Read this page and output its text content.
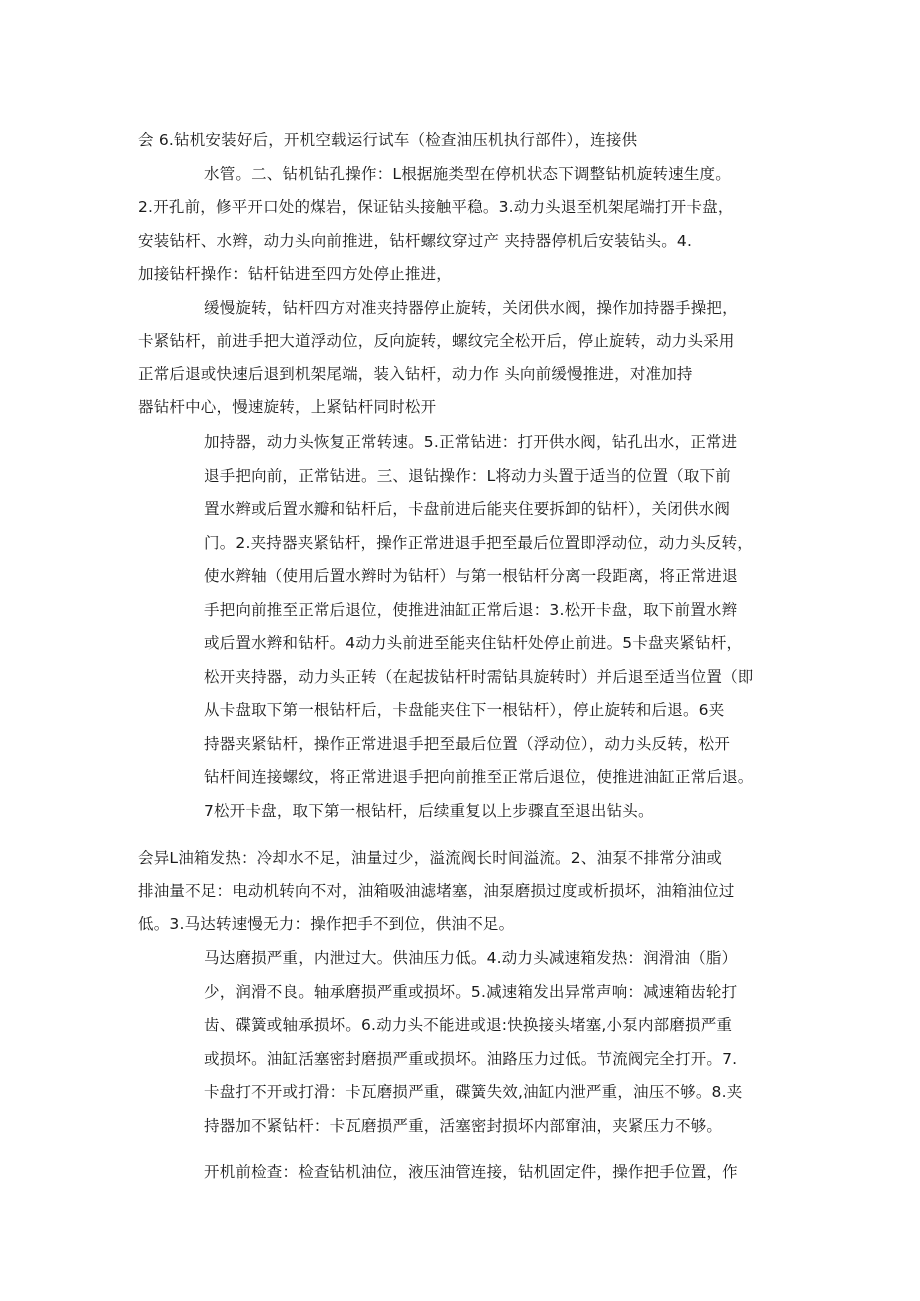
会 6.钻机安装好后，开机空载运行试车（检查油压机执行部件），连接供
水管。二、钻机钻孔操作：L根据施类型在停机状态下调整钻机旋转速生度。
2.开孔前，修平开口处的煤岩，保证钻头接触平稳。3.动力头退至机架尾端打开卡盘，
安装钻杆、水辫，动力头向前推进，钻杆螺纹穿过产 夹持器停机后安装钻头。4.
加接钻杆操作：钻杆钻进至四方处停止推进，
缓慢旋转，钻杆四方对准夹持器停止旋转，关闭供水阀，操作加持器手操把，
卡紧钻杆，前进手把大道浮动位，反向旋转，螺纹完全松开后，停止旋转，动力头采用
正常后退或快速后退到机架尾端，装入钻杆，动力作 头向前缓慢推进，对准加持
器钻杆中心，慢速旋转，上紧钻杆同时松开
加持器，动力头恢复正常转速。5.正常钻进：打开供水阀，钻孔出水，正常进
退手把向前，正常钻进。三、退钻操作：L将动力头置于适当的位置（取下前
置水辫或后置水瓣和钻杆后，卡盘前进后能夹住要拆卸的钻杆），关闭供水阀
门。2.夹持器夹紧钻杆，操作正常进退手把至最后位置即浮动位，动力头反转，
使水辫轴（使用后置水辫时为钻杆）与第一根钻杆分离一段距离，将正常进退
手把向前推至正常后退位，使推进油缸正常后退：3.松开卡盘，取下前置水辫
或后置水辫和钻杆。4动力头前进至能夹住钻杆处停止前进。5卡盘夹紧钻杆，
松开夹持器，动力头正转（在起拔钻杆时需钻具旋转时）并后退至适当位置（即
从卡盘取下第一根钻杆后，卡盘能夹住下一根钻杆），停止旋转和后退。6夹
持器夹紧钻杆，操作正常进退手把至最后位置（浮动位），动力头反转，松开
钻杆间连接螺纹，将正常进退手把向前推至正常后退位，使推进油缸正常后退。
7松开卡盘，取下第一根钻杆，后续重复以上步骤直至退出钻头。
会异L油箱发热：冷却水不足，油量过少，溢流阀长时间溢流。2、油泵不排常分油或
排油量不足：电动机转向不对，油箱吸油滤堵塞，油泵磨损过度或析损坏，油箱油位过
低。3.马达转速慢无力：操作把手不到位，供油不足。
马达磨损严重，内泄过大。供油压力低。4.动力头减速箱发热：润滑油（脂）
少，润滑不良。轴承磨损严重或损坏。5.减速箱发出异常声响：减速箱齿轮打
齿、碟簧或轴承损坏。6.动力头不能进或退:快换接头堵塞,小泵内部磨损严重
或损坏。油缸活塞密封磨损严重或损坏。油路压力过低。节流阀完全打开。7.
卡盘打不开或打滑：卡瓦磨损严重，碟簧失效,油缸内泄严重，油压不够。8.夹
持器加不紧钻杆：卡瓦磨损严重，活塞密封损坏内部窜油，夹紧压力不够。
开机前检查：检查钻机油位，液压油管连接，钻机固定件，操作把手位置，作
